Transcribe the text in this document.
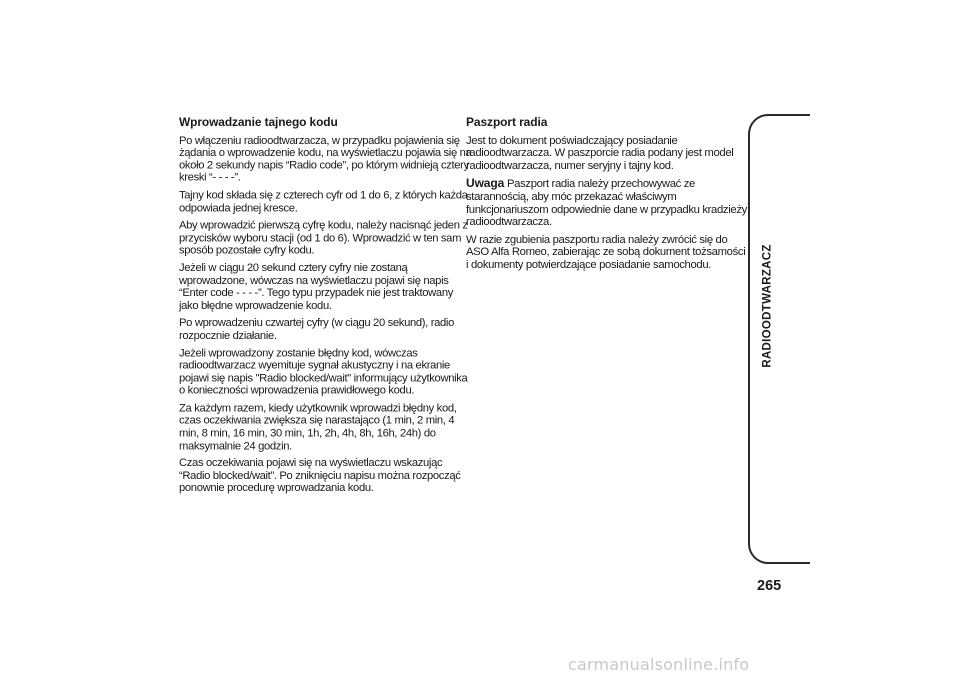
Wprowadzanie tajnego kodu
Po włączeniu radioodtwarzacza, w przypadku pojawienia się żądania o wprowadzenie kodu, na wyświetlaczu pojawia się na około 2 sekundy napis “Radio code”, po którym widnieją cztery kreski “- - - -”.
Tajny kod składa się z czterech cyfr od 1 do 6, z których każda odpowiada jednej kresce.
Aby wprowadzić pierwszą cyfrę kodu, należy nacisnąć jeden z przycisków wyboru stacji (od 1 do 6). Wprowadzić w ten sam sposób pozostałe cyfry kodu.
Jeżeli w ciągu 20 sekund cztery cyfry nie zostaną wprowadzone, wówczas na wyświetlaczu pojawi się napis “Enter code - - - -”. Tego typu przypadek nie jest traktowany jako błędne wprowadzenie kodu.
Po wprowadzeniu czwartej cyfry (w ciągu 20 sekund), radio rozpocznie działanie.
Jeżeli wprowadzony zostanie błędny kod, wówczas radioodtwarzacz wyemituje sygnał akustyczny i na ekranie pojawi się napis "Radio blocked/wait" informujący użytkownika o konieczności wprowadzenia prawidłowego kodu.
Za każdym razem, kiedy użytkownik wprowadzi błędny kod, czas oczekiwania zwiększa się narastająco (1 min, 2 min, 4 min, 8 min, 16 min, 30 min, 1h, 2h, 4h, 8h, 16h, 24h) do maksymalnie 24 godzin.
Czas oczekiwania pojawi się na wyświetlaczu wskazując “Radio blocked/wait”. Po zniknięciu napisu można rozpocząć ponownie procedurę wprowadzania kodu.
Paszport radia
Jest to dokument poświadczający posiadanie radioodtwarzacza. W paszporcie radia podany jest model radioodtwarzacza, numer seryjny i tajny kod.
Uwaga Paszport radia należy przechowywać ze starannością, aby móc przekazać właściwym funkcjonariuszom odpowiednie dane w przypadku kradzieży radioodtwarzacza.
W razie zgubienia paszportu radia należy zwrócić się do ASO Alfa Romeo, zabierając ze sobą dokument tożsamości i dokumenty potwierdzające posiadanie samochodu.	RADIOODTWARZACZ
265
carmanualsonline.info
